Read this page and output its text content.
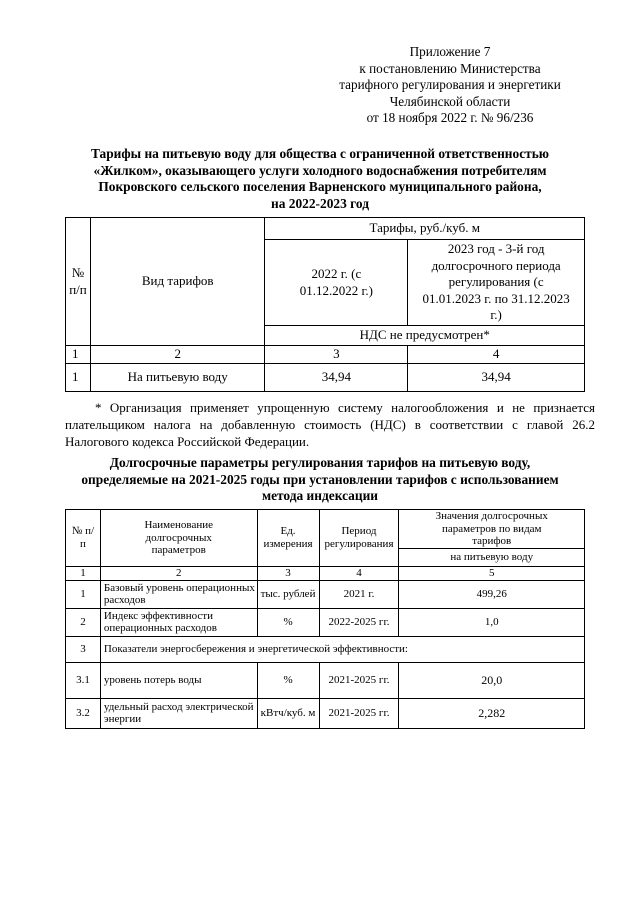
Приложение 7
к постановлению Министерства
тарифного регулирования и энергетики
Челябинской области
от 18 ноября 2022 г. № 96/236
Тарифы на питьевую воду для общества с ограниченной ответственностью
«Жилком», оказывающего услуги холодного водоснабжения потребителям
Покровского сельского поселения Варненского муниципального района,
на 2022-2023 год
№ п/п	Вид тарифов	Тарифы, руб./куб. м	
		2022 г. (с 01.12.2022 г.)	2023 год - 3-й год долгосрочного периода регулирования (с 01.01.2023 г. по 31.12.2023 г.)
		НДС не предусмотрен*	
1	2	3	4
1	На питьевую воду	34,94	34,94

* Организация применяет упрощенную систему налогообложения и не признается плательщиком налога на добавленную стоимость (НДС) в соответствии с главой 26.2 Налогового кодекса Российской Федерации.

Долгосрочные параметры регулирования тарифов на питьевую воду,
определяемые на 2021-2025 годы при установлении тарифов с использованием
метода индексации
№ п/п	Наименование долгосрочных параметров	Ед. измерения	Период регулирования	Значения долгосрочных параметров по видам тарифов
				на питьевую воду
1	2	3	4	5
1	Базовый уровень операционных расходов	тыс. рублей	2021 г.	499,26
2	Индекс эффективности операционных расходов	%	2022-2025 гг.	1,0
3	Показатели энергосбережения и энергетической эффективности:			
3.1	уровень потерь воды	%	2021-2025 гг.	20,0
3.2	удельный расход электрической энергии	кВтч/куб. м	2021-2025 гг.	2,282
